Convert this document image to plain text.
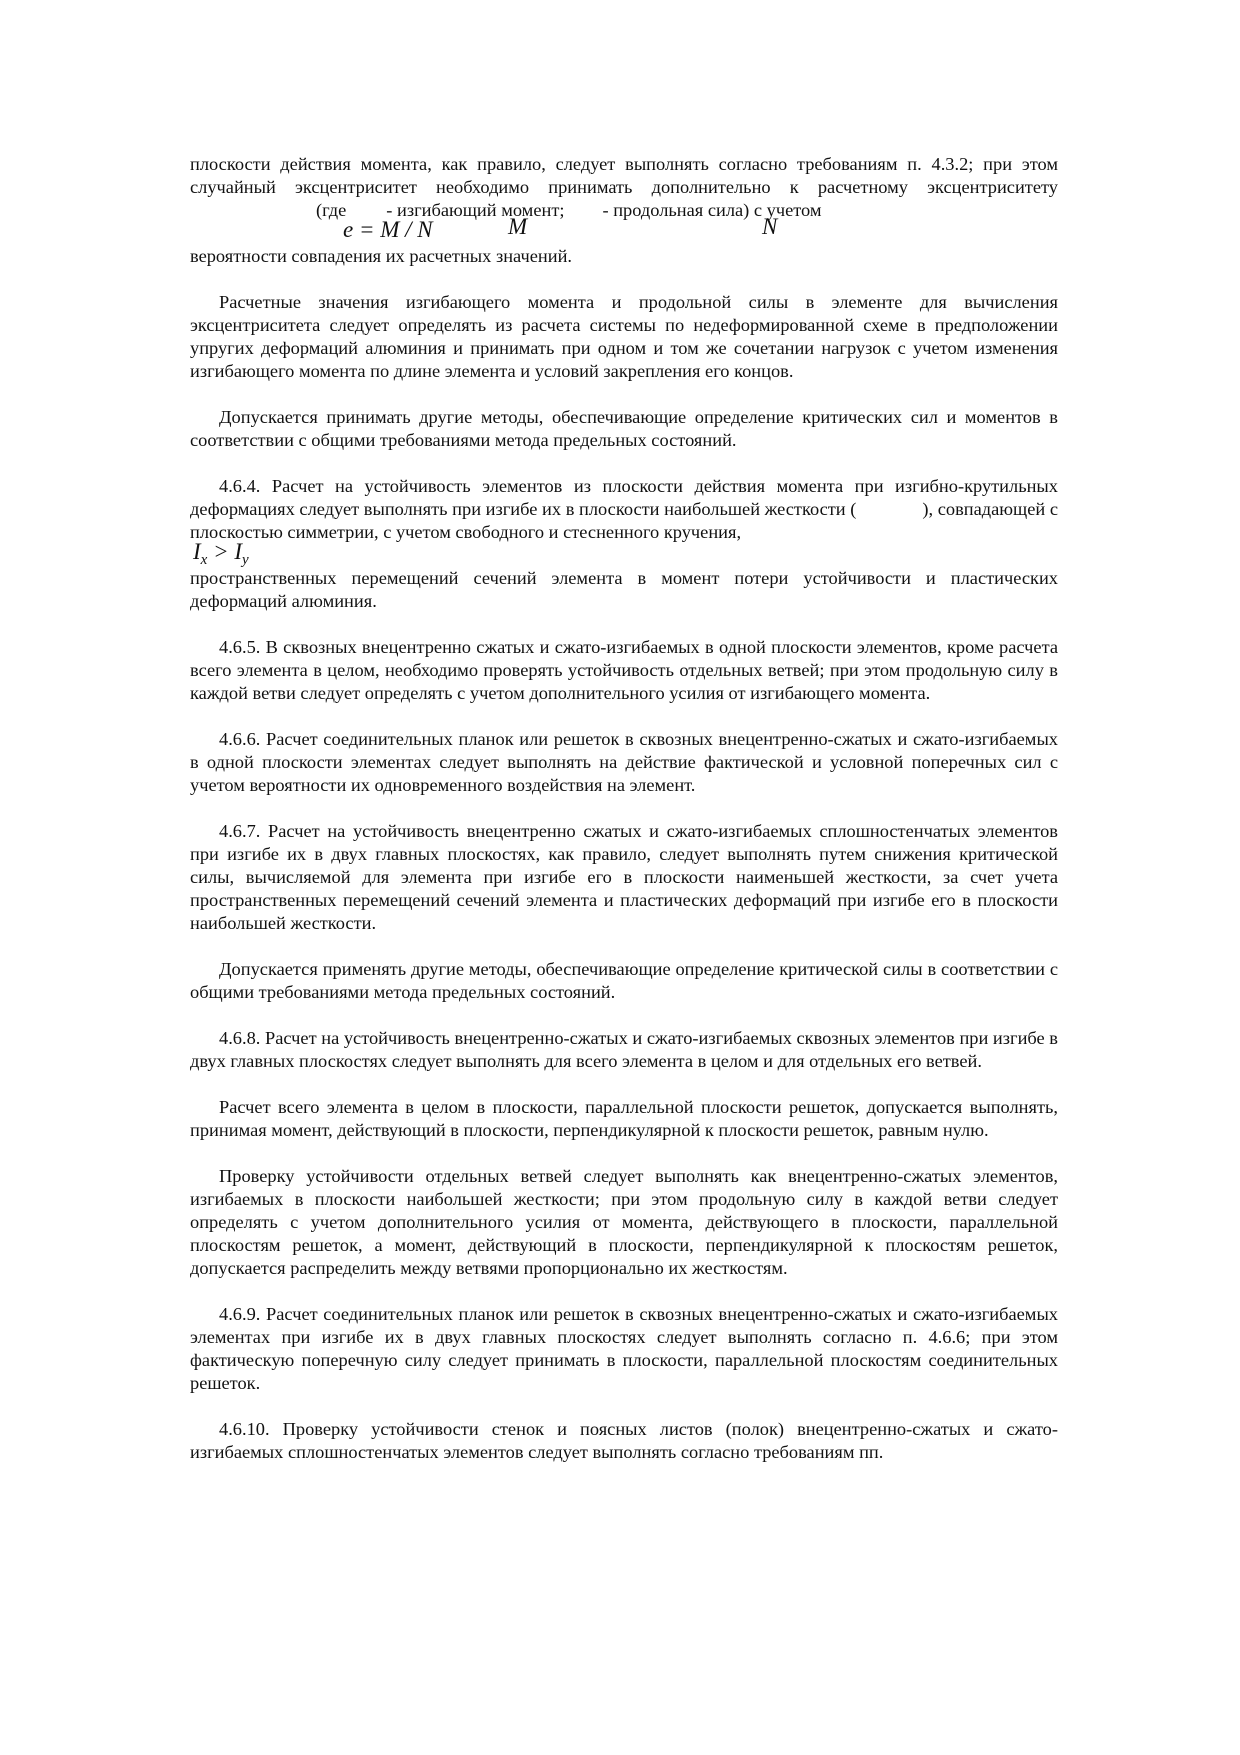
плоскости действия момента, как правило, следует выполнять согласно требованиям п. 4.3.2; при этом случайный эксцентриситет необходимо принимать дополнительно к расчетному эксцентриситету(где - изгибающий момент; - продольная сила) с учетом
e = M / N	M	N
вероятности совпадения их расчетных значений.

Расчетные значения изгибающего момента и продольной силы в элементе для вычисления эксцентриситета следует определять из расчета системы по недеформированной схеме в предположении упругих деформаций алюминия и принимать при одном и том же сочетании нагрузок с учетом изменения изгибающего момента по длине элемента и условий закрепления его концов.

Допускается принимать другие методы, обеспечивающие определение критических сил и моментов в соответствии с общими требованиями метода предельных состояний.

4.6.4. Расчет на устойчивость элементов из плоскости действия момента при изгибно-крутильных деформациях следует выполнять при изгибе их в плоскости наибольшей жесткости (	), совпадающей с плоскостью симметрии, с учетом свободного и стесненного кручения,
$I_x > I_y$
пространственных перемещений сечений элемента в момент потери устойчивости и пластических деформаций алюминия.

4.6.5. В сквозных внецентренно сжатых и сжато-изгибаемых в одной плоскости элементов, кроме расчета всего элемента в целом, необходимо проверять устойчивость отдельных ветвей; при этом продольную силу в каждой ветви следует определять с учетом дополнительного усилия от изгибающего момента.

4.6.6. Расчет соединительных планок или решеток в сквозных внецентренно-сжатых и сжато-изгибаемых в одной плоскости элементах следует выполнять на действие фактической и условной поперечных сил с учетом вероятности их одновременного воздействия на элемент.

4.6.7. Расчет на устойчивость внецентренно сжатых и сжато-изгибаемых сплошностенчатых элементов при изгибе их в двух главных плоскостях, как правило, следует выполнять путем снижения критической силы, вычисляемой для элемента при изгибе его в плоскости наименьшей жесткости, за счет учета пространственных перемещений сечений элемента и пластических деформаций при изгибе его в плоскости наибольшей жесткости.

Допускается применять другие методы, обеспечивающие определение критической силы в соответствии с общими требованиями метода предельных состояний.

4.6.8. Расчет на устойчивость внецентренно-сжатых и сжато-изгибаемых сквозных элементов при изгибе в двух главных плоскостях следует выполнять для всего элемента в целом и для отдельных его ветвей.

Расчет всего элемента в целом в плоскости, параллельной плоскости решеток, допускается выполнять, принимая момент, действующий в плоскости, перпендикулярной к плоскости решеток, равным нулю.

Проверку устойчивости отдельных ветвей следует выполнять как внецентренно-сжатых элементов, изгибаемых в плоскости наибольшей жесткости; при этом продольную силу в каждой ветви следует определять с учетом дополнительного усилия от момента, действующего в плоскости, параллельной плоскостям решеток, а момент, действующий в плоскости, перпендикулярной к плоскостям решеток, допускается распределить между ветвями пропорционально их жесткостям.

4.6.9. Расчет соединительных планок или решеток в сквозных внецентренно-сжатых и сжато-изгибаемых элементах при изгибе их в двух главных плоскостях следует выполнять согласно п. 4.6.6; при этом фактическую поперечную силу следует принимать в плоскости, параллельной плоскостям соединительных решеток.

4.6.10. Проверку устойчивости стенок и поясных листов (полок) внецентренно-сжатых и сжато-изгибаемых сплошностенчатых элементов следует выполнять согласно требованиям пп.
